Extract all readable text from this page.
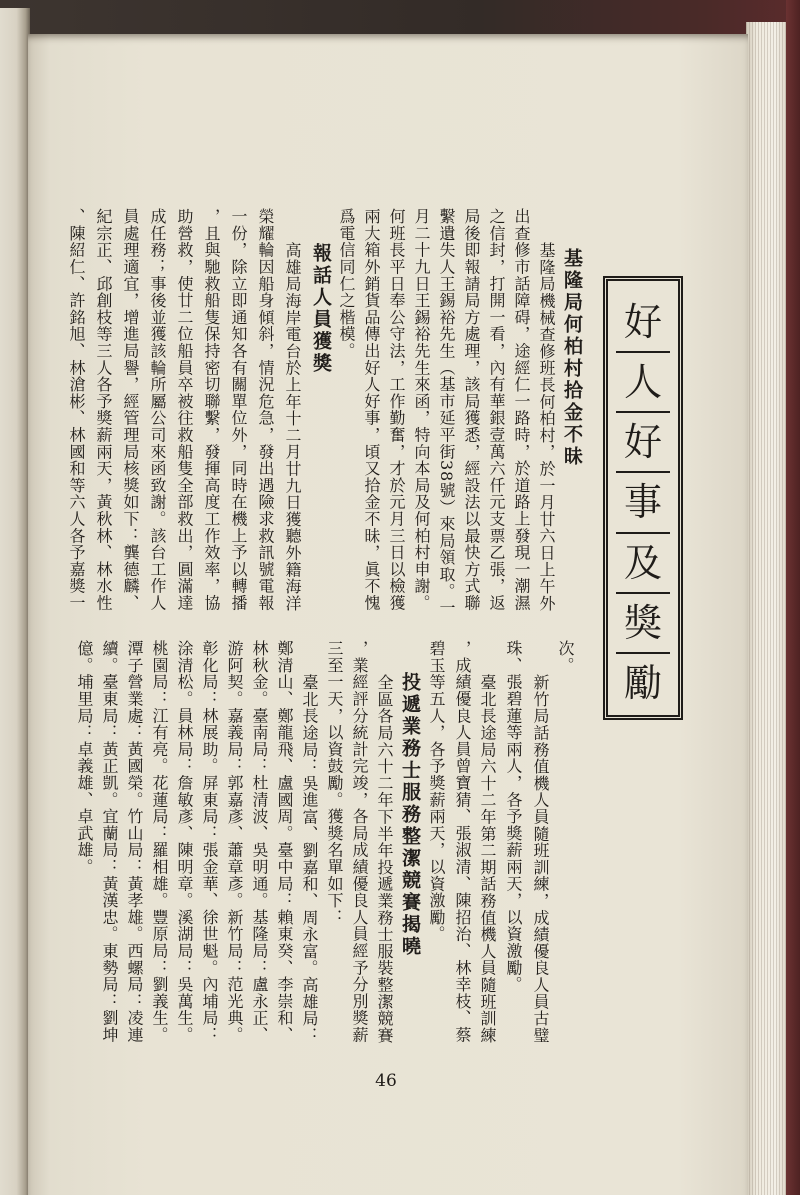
好
人
好
事
及
獎
勵
基隆局何柏村拾金不昧
基隆局機械查修班長何柏村，於一月廿六日上午外
出查修市話障碍，途經仁一路時，於道路上發現一潮濕
之信封，打開一看，內有華銀壹萬六仟元支票乙張，返
局後即報請局方處理，該局獲悉，經設法以最快方式聯
繫遺失人王錫裕先生（基市延平街38號）來局領取。一
月二十九日王錫裕先生來函，特向本局及何柏村申謝。
何班長平日奉公守法，工作勤奮，才於元月三日以檢獲
兩大箱外銷貨品傳出好人好事，頃又拾金不昧，眞不愧
爲電信同仁之楷模。
報話人員獲獎
高雄局海岸電台於上年十二月廿九日獲聽外籍海洋
榮耀輪因船身傾斜，情況危急，發出遇險求救訊號電報
一份，除立即通知各有關單位外，同時在機上予以轉播
，且與馳救船隻保持密切聯繫，發揮高度工作效率，協
助營救，使廿二位船員卒被往救船隻全部救出，圓滿達
成任務；事後並獲該輪所屬公司來函致謝。該台工作人
員處理適宜，增進局譽，經管理局核獎如下：龔德麟、
紀宗正、邱創枝等三人各予獎薪兩天，黃秋林、林水性
、陳紹仁、許銘旭、林滄彬、林國和等六人各予嘉獎一
次。
新竹局話務值機人員隨班訓練，成績優良人員古璧
珠、張碧蓮等兩人，各予獎薪兩天，以資激勵。
臺北長途局六十二年第二期話務值機人員隨班訓練
，成績優良人員曾寶猜、張淑清、陳招治、林幸枝、蔡
碧玉等五人，各予獎薪兩天，以資激勵。
投遞業務士服務整潔競賽揭曉
全區各局六十二年下半年投遞業務士服裝整潔競賽
，業經評分統計完竣，各局成績優良人員經予分別獎薪
三至一天，以資鼓勵。獲獎名單如下：
臺北長途局：吳進富、劉嘉和、周永富。高雄局：
鄭清山、鄭龍飛、盧國周。臺中局：賴東癸、李崇和、
林秋金。臺南局：杜清波、吳明通。基隆局：盧永正、
游阿契。嘉義局：郭嘉彥、蕭章彥。新竹局：范光典。
彰化局：林展助。屏東局：張金華、徐世魁。內埔局：
涂清松。員林局：詹敏彥、陳明章。溪湖局：吳萬生。
桃園局：江有亮。花蓮局：羅相雄。豐原局：劉義生。
潭子營業處：黃國榮。竹山局：黃孝雄。西螺局：凌連
續。臺東局：黃正凱。宜蘭局：黃漢忠。東勢局：劉坤
億。埔里局：卓義雄、卓武雄。
46
